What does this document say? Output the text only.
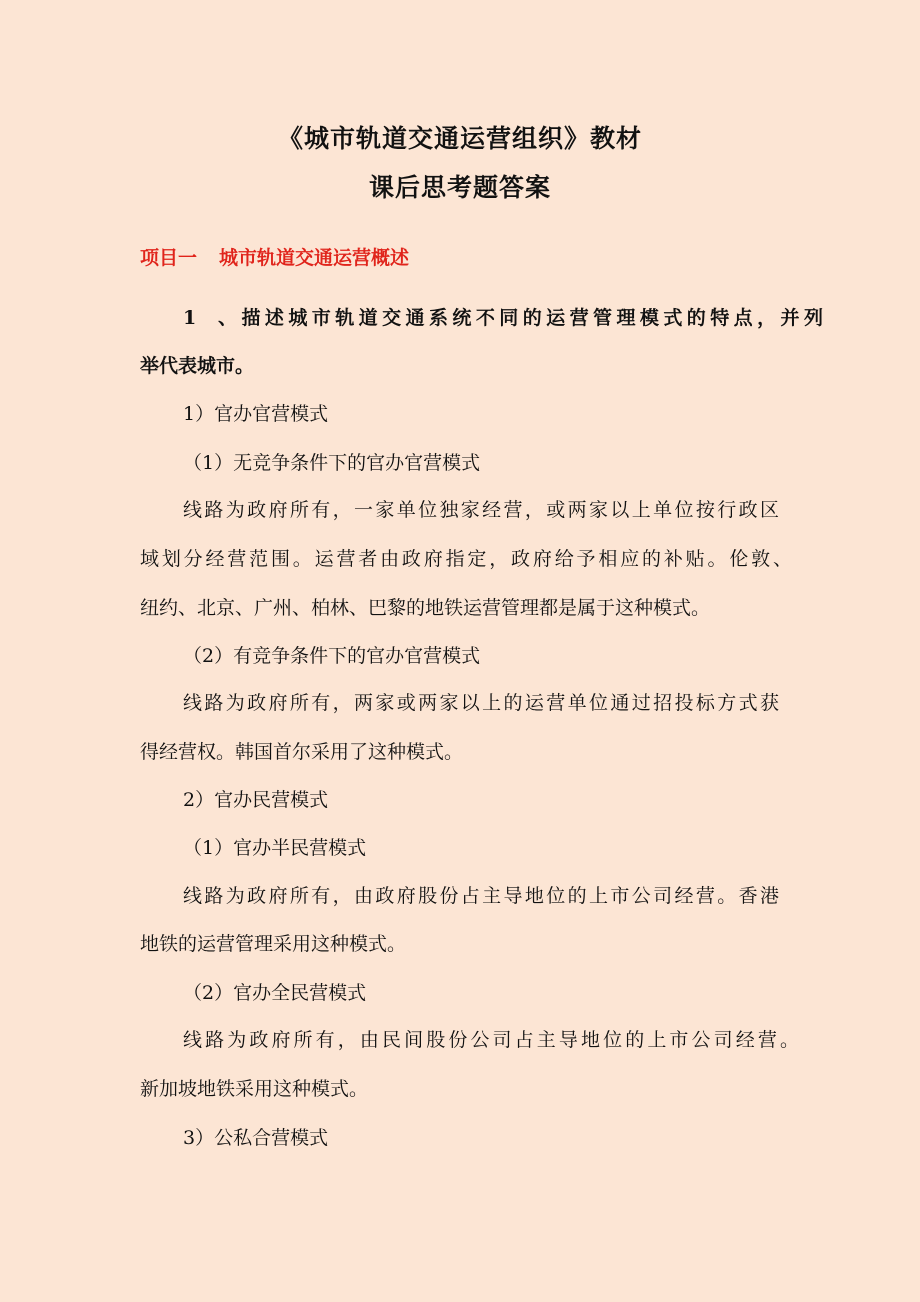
《城市轨道交通运营组织》教材
课后思考题答案
项目一 城市轨道交通运营概述
1、描述城市轨道交通系统不同的运营管理模式的特点，并列
举代表城市。
1）官办官营模式
（1）无竞争条件下的官办官营模式
线路为政府所有，一家单位独家经营，或两家以上单位按行政区
域划分经营范围。运营者由政府指定，政府给予相应的补贴。伦敦、
纽约、北京、广州、柏林、巴黎的地铁运营管理都是属于这种模式。
（2）有竞争条件下的官办官营模式
线路为政府所有，两家或两家以上的运营单位通过招投标方式获
得经营权。韩国首尔采用了这种模式。
2）官办民营模式
（1）官办半民营模式
线路为政府所有，由政府股份占主导地位的上市公司经营。香港
地铁的运营管理采用这种模式。
（2）官办全民营模式
线路为政府所有，由民间股份公司占主导地位的上市公司经营。
新加坡地铁采用这种模式。
3）公私合营模式
